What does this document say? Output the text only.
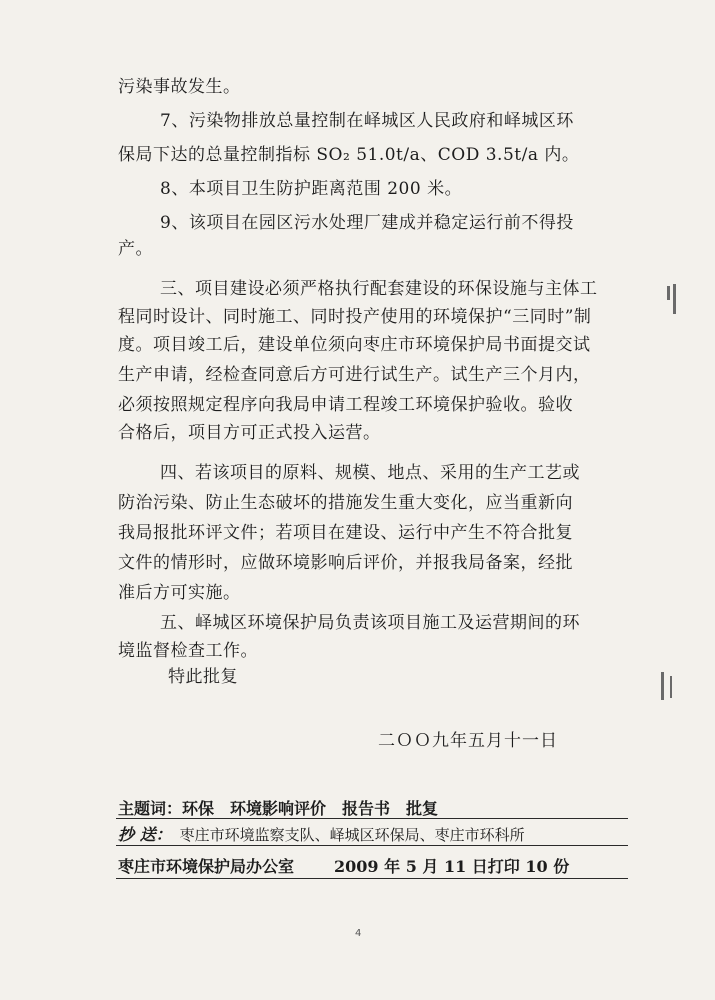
污染事故发生。
7、污染物排放总量控制在峄城区人民政府和峄城区环
保局下达的总量控制指标 SO₂ 51.0t/a、COD 3.5t/a 内。
8、本项目卫生防护距离范围 200 米。
9、该项目在园区污水处理厂建成并稳定运行前不得投
产。
三、项目建设必须严格执行配套建设的环保设施与主体工
程同时设计、同时施工、同时投产使用的环境保护“三同时”制
度。项目竣工后，建设单位须向枣庄市环境保护局书面提交试
生产申请，经检查同意后方可进行试生产。试生产三个月内，
必须按照规定程序向我局申请工程竣工环境保护验收。验收
合格后，项目方可正式投入运营。
四、若该项目的原料、规模、地点、采用的生产工艺或
防治污染、防止生态破坏的措施发生重大变化，应当重新向
我局报批环评文件；若项目在建设、运行中产生不符合批复
文件的情形时，应做环境影响后评价，并报我局备案，经批
准后方可实施。
五、峄城区环境保护局负责该项目施工及运营期间的环
境监督检查工作。
特此批复
二ＯＯ九年五月十一日
主题词：环保　环境影响评价　报告书　批复
抄 送： 枣庄市环境监察支队、峄城区环保局、枣庄市环科所
枣庄市环境保护局办公室	2009 年 5 月 11 日打印 10 份
4
